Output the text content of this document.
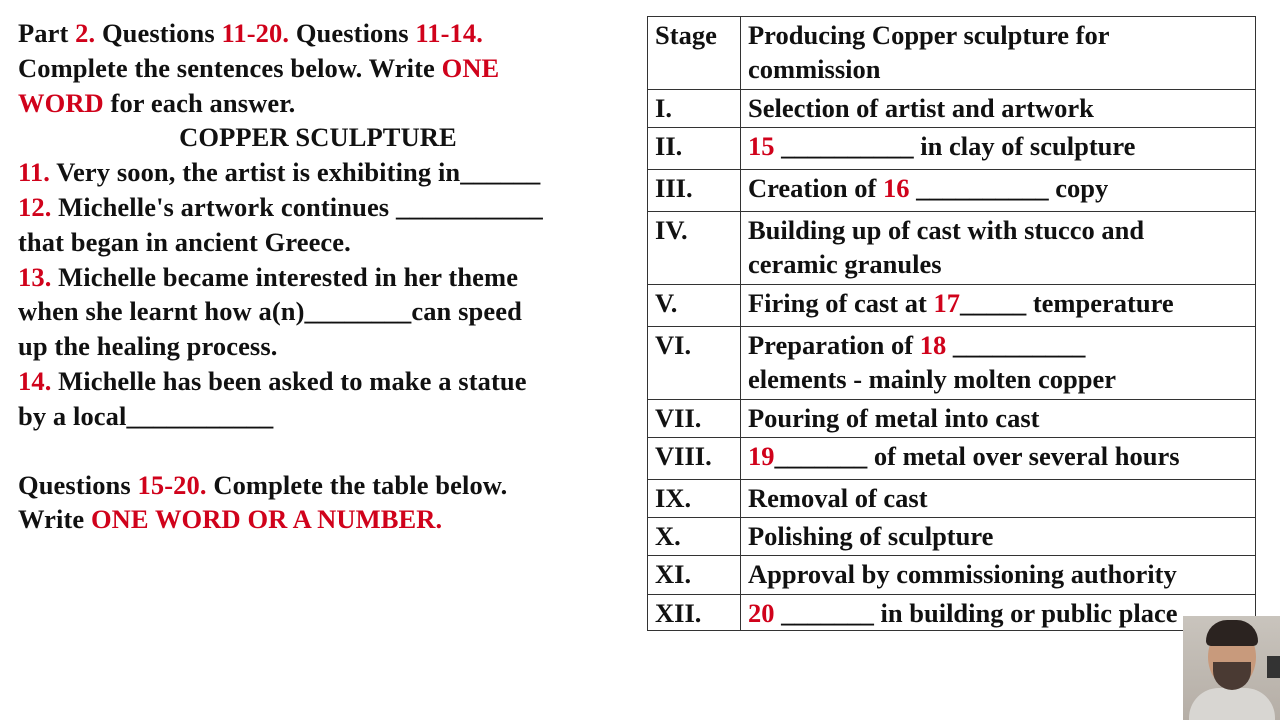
Part 2. Questions 11-20. Questions 11-14.

Complete the sentences below. Write ONE

WORD for each answer.

COPPER SCULPTURE

11. Very soon, the artist is exhibiting in______

12. Michelle's artwork continues ___________

that began in ancient Greece.

13. Michelle became interested in her theme

when she learnt how a(n)________can speed

up the healing process.

14. Michelle has been asked to make a statue

by a local___________

Questions 15-20. Complete the table below.

Write ONE WORD OR A NUMBER.

Stage	Producing Copper sculpture for
commission
I.	Selection of artist and artwork
II.	15 __________ in clay of sculpture
III.	Creation of 16 __________ copy
IV.	Building up of cast with stucco and
ceramic granules
V.	Firing of cast at 17_____ temperature
VI.	Preparation of 18 __________
elements - mainly molten copper
VII.	Pouring of metal into cast
VIII.	19_______ of metal over several hours
IX.	Removal of cast
X.	Polishing of sculpture
XI.	Approval by commissioning authority
XII.	20 _______ in building or public place
